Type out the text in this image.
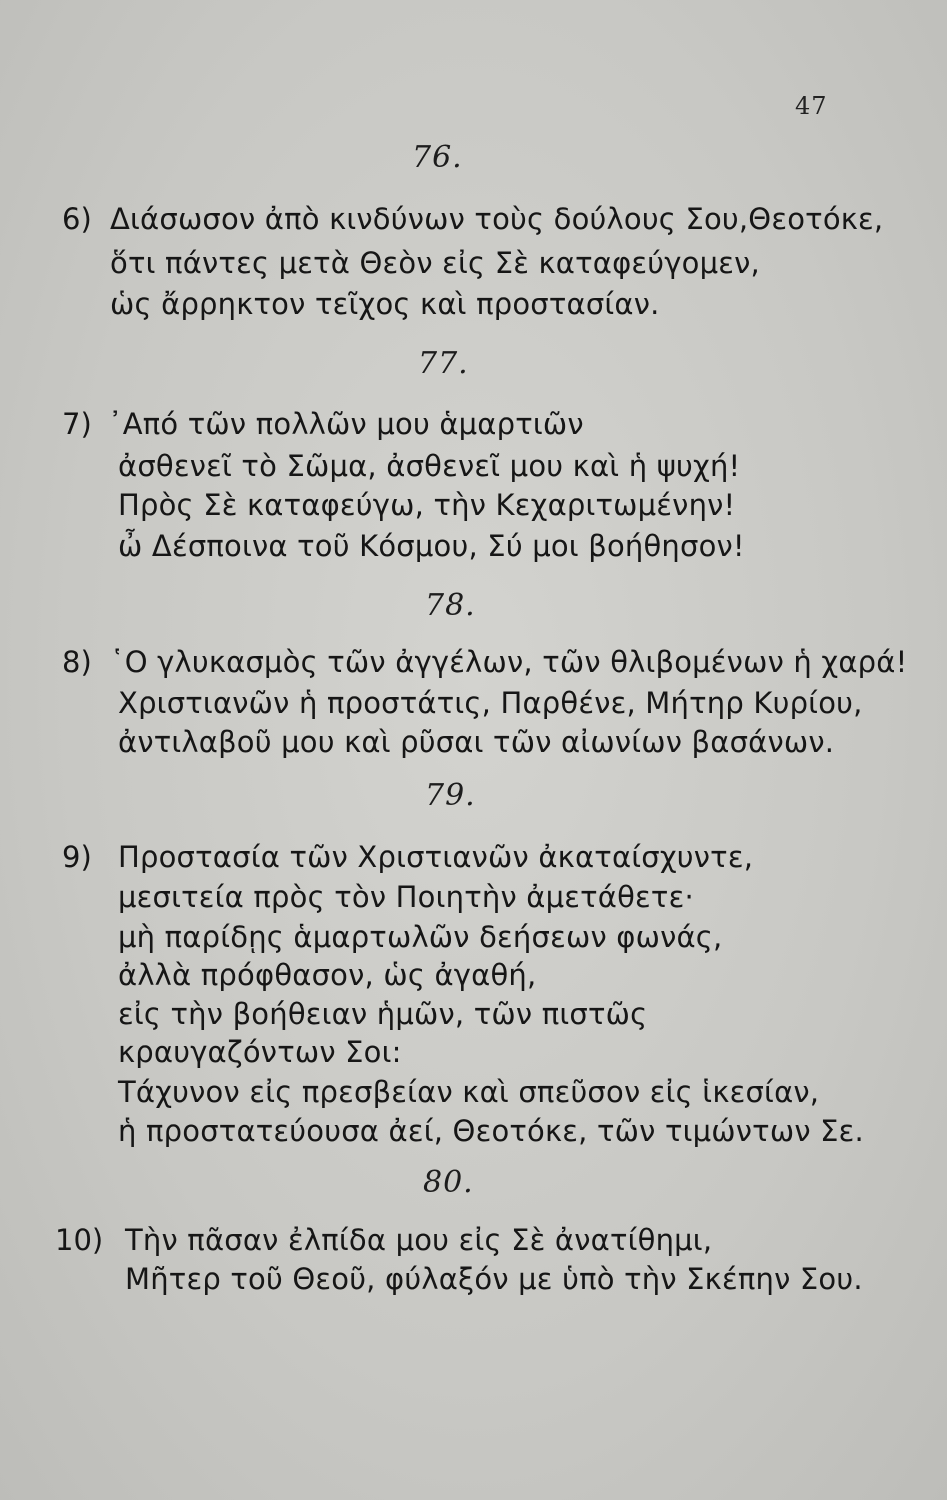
47
76.
6) Διάσωσον ἀπὸ κινδύνων τοὺς δούλους Σου,Θεοτόκε,
ὅτι πάντες μετὰ Θεὸν εἰς Σὲ καταφεύγομεν,
ὡς ἄρρηκτον τεῖχος καὶ προστασίαν.
77.
7) ᾿Από τῶν πολλῶν μου ἁμαρτιῶν
ἀσθενεῖ τὸ Σῶμα, ἀσθενεῖ μου καὶ ἡ ψυχή!
Πρὸς Σὲ καταφεύγω, τὴν Κεχαριτωμένην!
ὦ Δέσποινα τοῦ Κόσμου, Σύ μοι βοήθησον!
78.
8) ῾Ο γλυκασμὸς τῶν ἀγγέλων, τῶν θλιβομένων ἡ χαρά!
Χριστιανῶν ἡ προστάτις, Παρθένε, Μήτηρ Κυρίου,
ἀντιλαβοῦ μου καὶ ρῦσαι τῶν αἰωνίων βασάνων.
79.
9) Προστασία τῶν Χριστιανῶν ἀκαταίσχυντε,
μεσιτεία πρὸς τὸν Ποιητὴν ἀμετάθετε·
μὴ παρίδῃς ἁμαρτωλῶν δεήσεων φωνάς,
ἀλλὰ πρόφθασον, ὡς ἀγαθή,
εἰς τὴν βοήθειαν ἡμῶν, τῶν πιστῶς
κραυγαζόντων Σοι:
Τάχυνον εἰς πρεσβείαν καὶ σπεῦσον εἰς ἱκεσίαν,
ἡ προστατεύουσα ἀεί, Θεοτόκε, τῶν τιμώντων Σε.
80.
10) Τὴν πᾶσαν ἐλπίδα μου εἰς Σὲ ἀνατίθημι,
Μῆτερ τοῦ Θεοῦ, φύλαξόν με ὑπὸ τὴν Σκέπην Σου.
